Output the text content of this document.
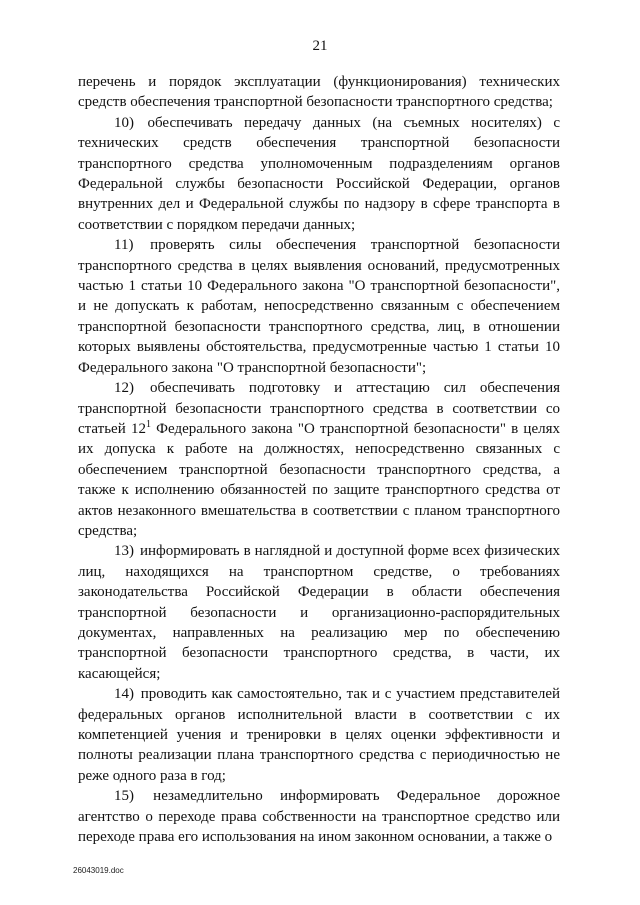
21

перечень и порядок эксплуатации (функционирования) технических средств обеспечения транспортной безопасности транспортного средства;

10) обеспечивать передачу данных (на съемных носителях) с технических средств обеспечения транспортной безопасности транспортного средства уполномоченным подразделениям органов Федеральной службы безопасности Российской Федерации, органов внутренних дел и Федеральной службы по надзору в сфере транспорта в соответствии с порядком передачи данных;

11) проверять силы обеспечения транспортной безопасности транспортного средства в целях выявления оснований, предусмотренных частью 1 статьи 10 Федерального закона "О транспортной безопасности", и не допускать к работам, непосредственно связанным с обеспечением транспортной безопасности транспортного средства, лиц, в отношении которых выявлены обстоятельства, предусмотренные частью 1 статьи 10 Федерального закона "О транспортной безопасности";

12) обеспечивать подготовку и аттестацию сил обеспечения транспортной безопасности транспортного средства в соответствии со статьей $12^1$ Федерального закона "О транспортной безопасности" в целях их допуска к работе на должностях, непосредственно связанных с обеспечением транспортной безопасности транспортного средства, а также к исполнению обязанностей по защите транспортного средства от актов незаконного вмешательства в соответствии с планом транспортного средства;

13) информировать в наглядной и доступной форме всех физических лиц, находящихся на транспортном средстве, о требованиях законодательства Российской Федерации в области обеспечения транспортной безопасности и организационно-распорядительных документах, направленных на реализацию мер по обеспечению транспортной безопасности транспортного средства, в части, их касающейся;

14) проводить как самостоятельно, так и с участием представителей федеральных органов исполнительной власти в соответствии с их компетенцией учения и тренировки в целях оценки эффективности и полноты реализации плана транспортного средства с периодичностью не реже одного раза в год;

15) незамедлительно информировать Федеральное дорожное агентство о переходе права собственности на транспортное средство или переходе права его использования на ином законном основании, а также о

26043019.doc
